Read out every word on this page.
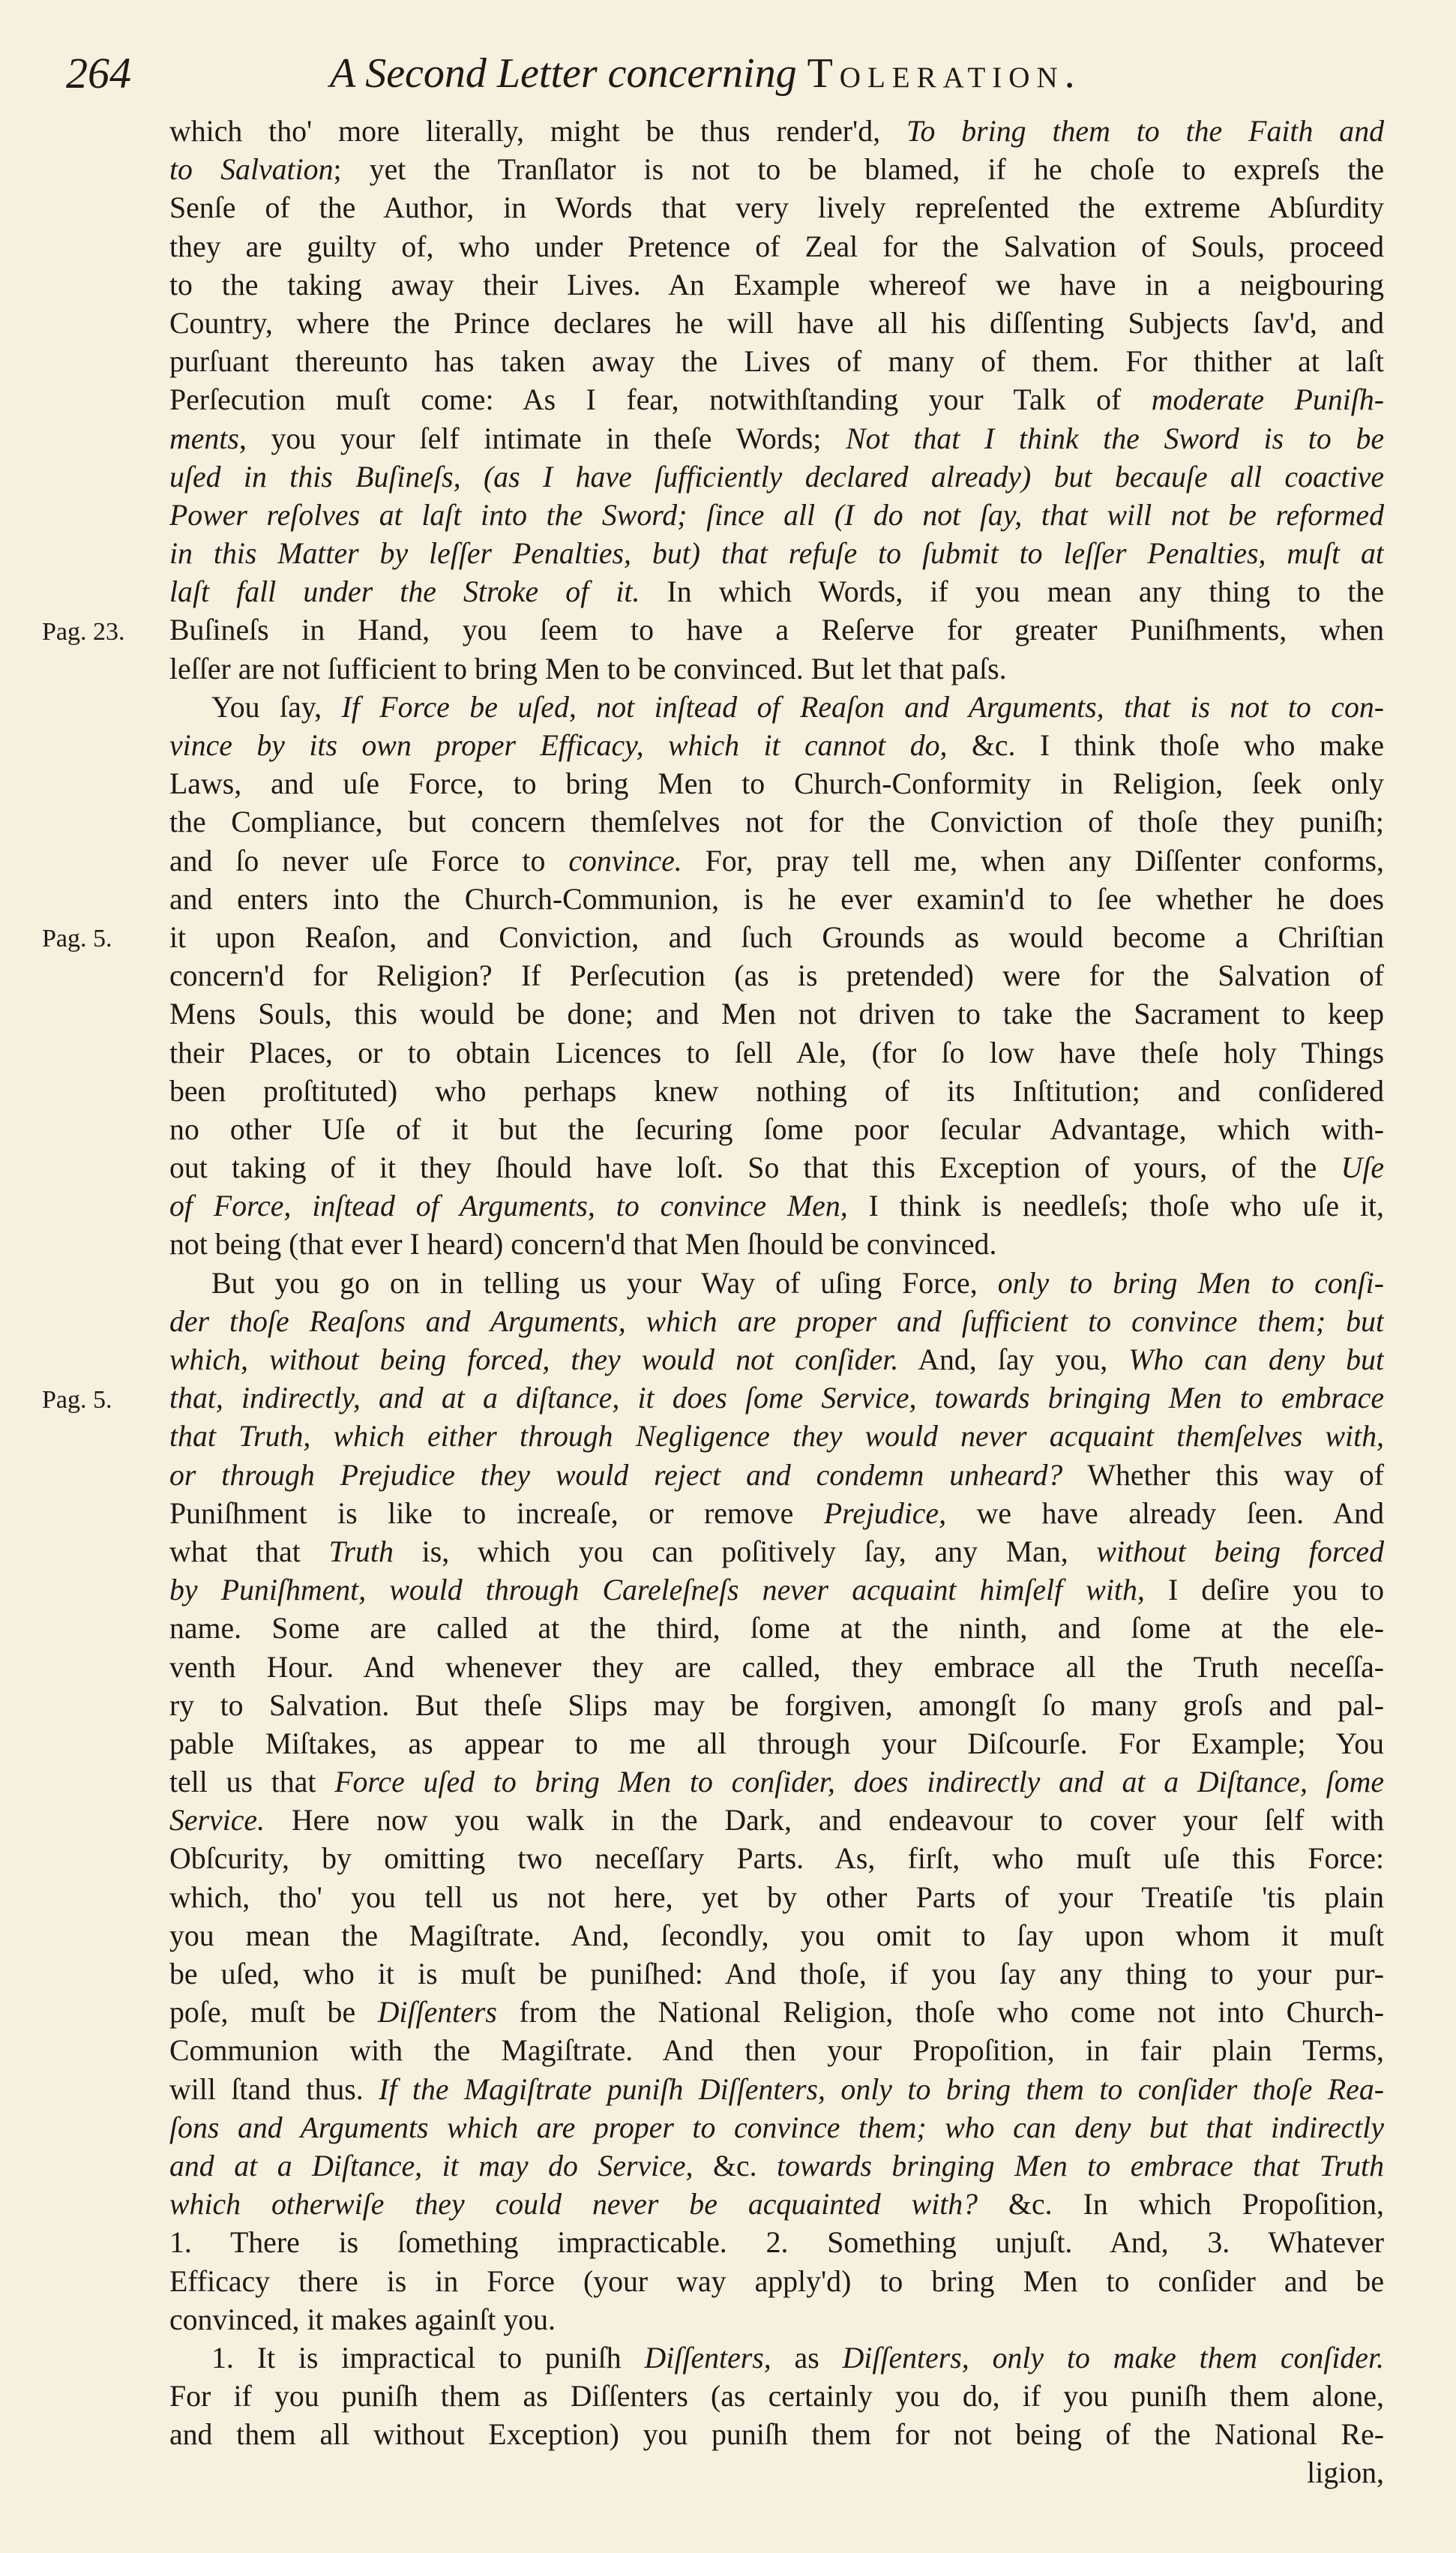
264	A Second Letter concerning Toleration.
Pag. 23.
Pag. 5.
Pag. 5.
which tho' more literally, might be thus render'd, To bring them to the Faith and
to Salvation; yet the Tranſlator is not to be blamed, if he choſe to expreſs the
Senſe of the Author, in Words that very lively repreſented the extreme Abſurdity
they are guilty of, who under Pretence of Zeal for the Salvation of Souls, proceed
to the taking away their Lives. An Example whereof we have in a neigbouring
Country, where the Prince declares he will have all his diſſenting Subjects ſav'd, and
purſuant thereunto has taken away the Lives of many of them. For thither at laſt
Perſecution muſt come: As I fear, notwithſtanding your Talk of moderate Puniſh-
ments, you your ſelf intimate in theſe Words; Not that I think the Sword is to be
uſed in this Buſineſs, (as I have ſufficiently declared already) but becauſe all coactive
Power reſolves at laſt into the Sword; ſince all (I do not ſay, that will not be reformed
in this Matter by leſſer Penalties, but) that refuſe to ſubmit to leſſer Penalties, muſt at
laſt fall under the Stroke of it. In which Words, if you mean any thing to the
Buſineſs in Hand, you ſeem to have a Reſerve for greater Puniſhments, when
leſſer are not ſufficient to bring Men to be convinced. But let that paſs.
You ſay, If Force be uſed, not inſtead of Reaſon and Arguments, that is not to con-
vince by its own proper Efficacy, which it cannot do, &c. I think thoſe who make
Laws, and uſe Force, to bring Men to Church-Conformity in Religion, ſeek only
the Compliance, but concern themſelves not for the Conviction of thoſe they puniſh;
and ſo never uſe Force to convince. For, pray tell me, when any Diſſenter conforms,
and enters into the Church-Communion, is he ever examin'd to ſee whether he does
it upon Reaſon, and Conviction, and ſuch Grounds as would become a Chriſtian
concern'd for Religion? If Perſecution (as is pretended) were for the Salvation of
Mens Souls, this would be done; and Men not driven to take the Sacrament to keep
their Places, or to obtain Licences to ſell Ale, (for ſo low have theſe holy Things
been proſtituted) who perhaps knew nothing of its Inſtitution; and conſidered
no other Uſe of it but the ſecuring ſome poor ſecular Advantage, which with-
out taking of it they ſhould have loſt. So that this Exception of yours, of the Uſe
of Force, inſtead of Arguments, to convince Men, I think is needleſs; thoſe who uſe it,
not being (that ever I heard) concern'd that Men ſhould be convinced.
But you go on in telling us your Way of uſing Force, only to bring Men to conſi-
der thoſe Reaſons and Arguments, which are proper and ſufficient to convince them; but
which, without being forced, they would not conſider. And, ſay you, Who can deny but
that, indirectly, and at a diſtance, it does ſome Service, towards bringing Men to embrace
that Truth, which either through Negligence they would never acquaint themſelves with,
or through Prejudice they would reject and condemn unheard? Whether this way of
Puniſhment is like to increaſe, or remove Prejudice, we have already ſeen. And
what that Truth is, which you can poſitively ſay, any Man, without being forced
by Puniſhment, would through Careleſneſs never acquaint himſelf with, I deſire you to
name. Some are called at the third, ſome at the ninth, and ſome at the ele-
venth Hour. And whenever they are called, they embrace all the Truth neceſſa-
ry to Salvation. But theſe Slips may be forgiven, amongſt ſo many groſs and pal-
pable Miſtakes, as appear to me all through your Diſcourſe. For Example; You
tell us that Force uſed to bring Men to conſider, does indirectly and at a Diſtance, ſome
Service. Here now you walk in the Dark, and endeavour to cover your ſelf with
Obſcurity, by omitting two neceſſary Parts. As, firſt, who muſt uſe this Force:
which, tho' you tell us not here, yet by other Parts of your Treatiſe 'tis plain
you mean the Magiſtrate. And, ſecondly, you omit to ſay upon whom it muſt
be uſed, who it is muſt be puniſhed: And thoſe, if you ſay any thing to your pur-
poſe, muſt be Diſſenters from the National Religion, thoſe who come not into Church-
Communion with the Magiſtrate. And then your Propoſition, in fair plain Terms,
will ſtand thus. If the Magiſtrate puniſh Diſſenters, only to bring them to conſider thoſe Rea-
ſons and Arguments which are proper to convince them; who can deny but that indirectly
and at a Diſtance, it may do Service, &c. towards bringing Men to embrace that Truth
which otherwiſe they could never be acquainted with? &c. In which Propoſition,
1. There is ſomething impracticable. 2. Something unjuſt. And, 3. Whatever
Efficacy there is in Force (your way apply'd) to bring Men to conſider and be
convinced, it makes againſt you.
1. It is impractical to puniſh Diſſenters, as Diſſenters, only to make them conſider.
For if you puniſh them as Diſſenters (as certainly you do, if you puniſh them alone,
and them all without Exception) you puniſh them for not being of the National Re-
ligion,
